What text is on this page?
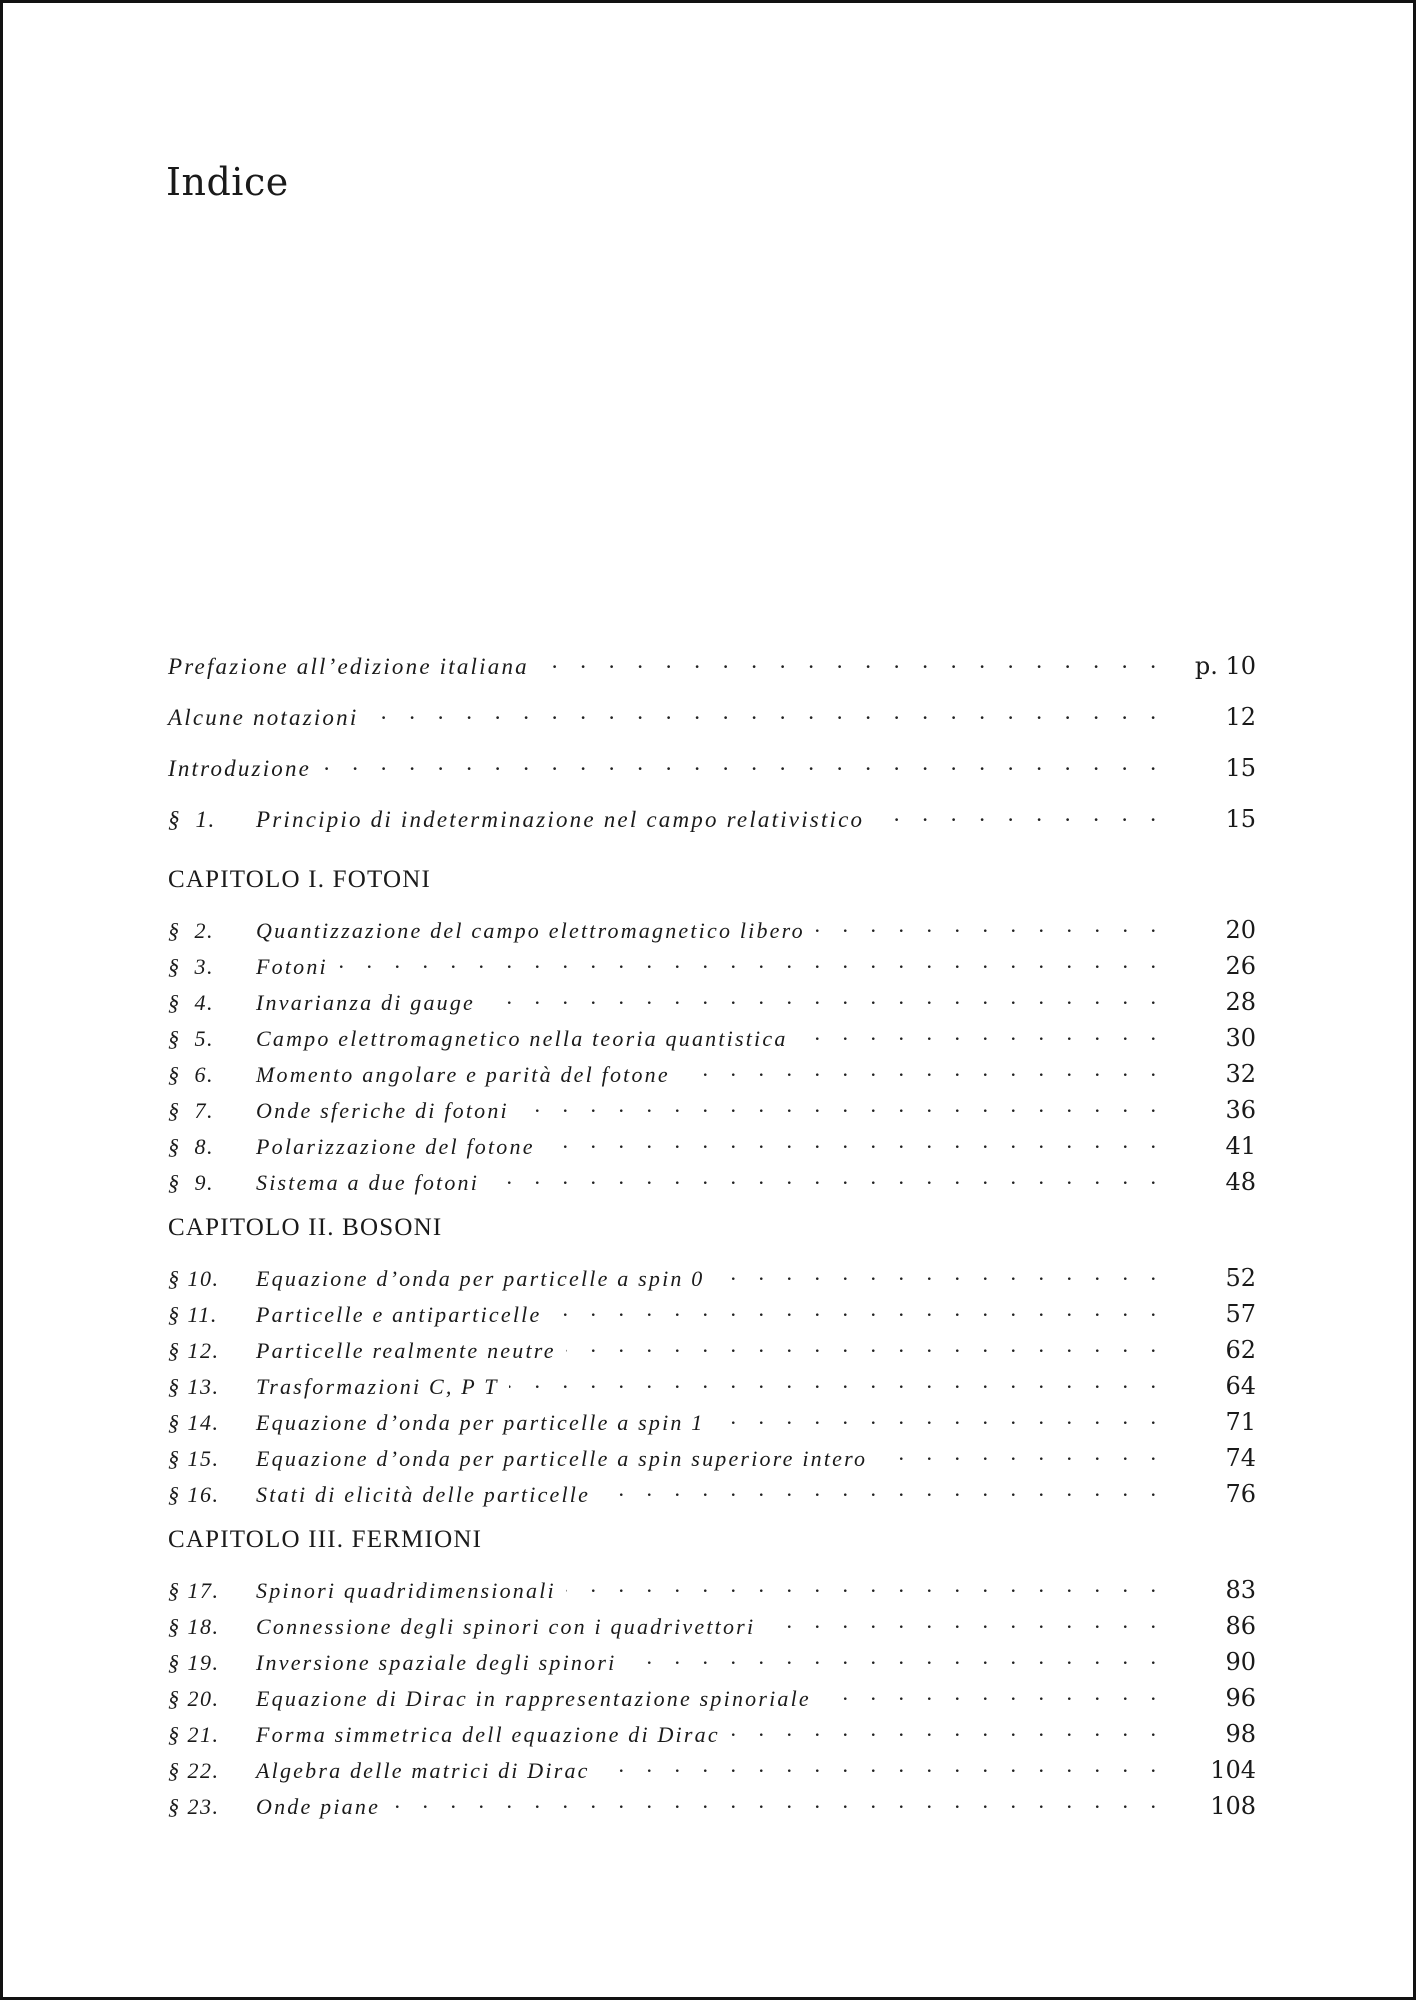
Indice
Prefazione all’edizione italiana . . .	p. 10
Alcune notazioni . . .	12
Introduzione . . .	15
§  1.	Principio di indeterminazione nel campo relativistico . . .	15
CAPITOLO I. FOTONI
§  2.	Quantizzazione del campo elettromagnetico libero . . .	20
§  3.	Fotoni . . .	26
§  4.	Invarianza di gauge . . .	28
§  5.	Campo elettromagnetico nella teoria quantistica . . .	30
§  6.	Momento angolare e parità del fotone . . .	32
§  7.	Onde sferiche di fotoni . . .	36
§  8.	Polarizzazione del fotone . . .	41
§  9.	Sistema a due fotoni . . .	48
CAPITOLO II. BOSONI
§ 10.	Equazione d’onda per particelle a spin 0 . . .	52
§ 11.	Particelle e antiparticelle . . .	57
§ 12.	Particelle realmente neutre . . .	62
§ 13.	Trasformazioni C, P T . . .	64
§ 14.	Equazione d’onda per particelle a spin 1 . . .	71
§ 15.	Equazione d’onda per particelle a spin superiore intero . . .	74
§ 16.	Stati di elicità delle particelle . . .	76
CAPITOLO III. FERMIONI
§ 17.	Spinori quadridimensionali . . .	83
§ 18.	Connessione degli spinori con i quadrivettori . . .	86
§ 19.	Inversione spaziale degli spinori . . .	90
§ 20.	Equazione di Dirac in rappresentazione spinoriale . . .	96
§ 21.	Forma simmetrica dell equazione di Dirac . . .	98
§ 22.	Algebra delle matrici di Dirac . . .	104
§ 23.	Onde piane . . .	108
